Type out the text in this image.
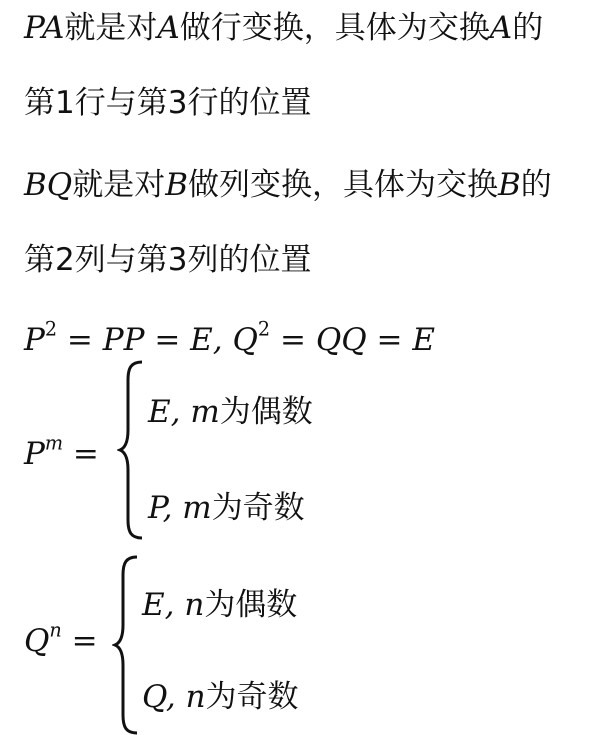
PA就是对A做行变换，具体为交换A的
第1行与第3行的位置
BQ就是对B做列变换，具体为交换B的
第2列与第3列的位置
$P^2$ = PP = E, $Q^2$ = QQ = E
$P^m$ =
E, m为偶数
P, m为奇数
$Q^n$ =
E, n为偶数
Q, n为奇数
